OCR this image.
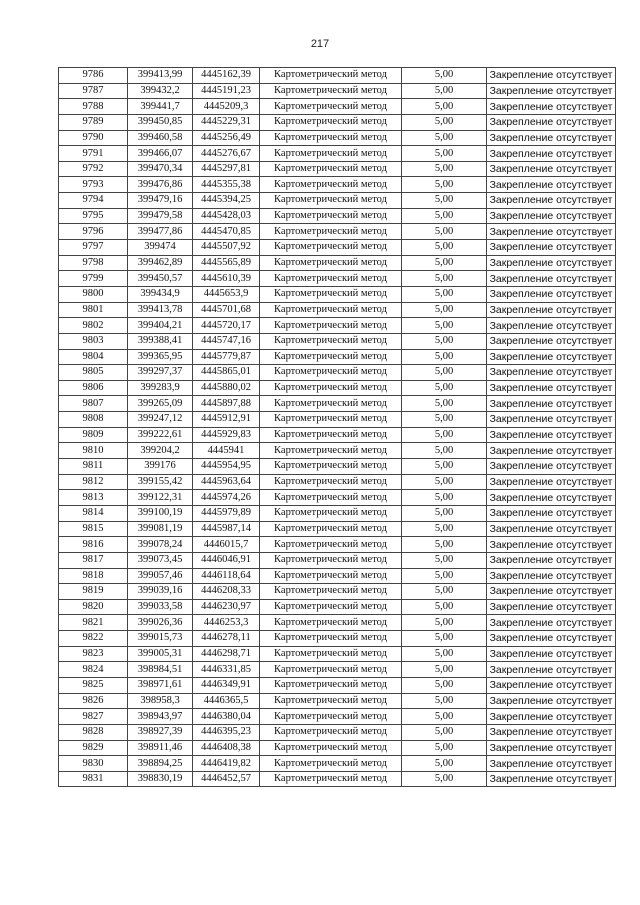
217
9786	399413,99	4445162,39	Картометрический метод	5,00	Закрепление отсутствует
9787	399432,2	4445191,23	Картометрический метод	5,00	Закрепление отсутствует
9788	399441,7	4445209,3	Картометрический метод	5,00	Закрепление отсутствует
9789	399450,85	4445229,31	Картометрический метод	5,00	Закрепление отсутствует
9790	399460,58	4445256,49	Картометрический метод	5,00	Закрепление отсутствует
9791	399466,07	4445276,67	Картометрический метод	5,00	Закрепление отсутствует
9792	399470,34	4445297,81	Картометрический метод	5,00	Закрепление отсутствует
9793	399476,86	4445355,38	Картометрический метод	5,00	Закрепление отсутствует
9794	399479,16	4445394,25	Картометрический метод	5,00	Закрепление отсутствует
9795	399479,58	4445428,03	Картометрический метод	5,00	Закрепление отсутствует
9796	399477,86	4445470,85	Картометрический метод	5,00	Закрепление отсутствует
9797	399474	4445507,92	Картометрический метод	5,00	Закрепление отсутствует
9798	399462,89	4445565,89	Картометрический метод	5,00	Закрепление отсутствует
9799	399450,57	4445610,39	Картометрический метод	5,00	Закрепление отсутствует
9800	399434,9	4445653,9	Картометрический метод	5,00	Закрепление отсутствует
9801	399413,78	4445701,68	Картометрический метод	5,00	Закрепление отсутствует
9802	399404,21	4445720,17	Картометрический метод	5,00	Закрепление отсутствует
9803	399388,41	4445747,16	Картометрический метод	5,00	Закрепление отсутствует
9804	399365,95	4445779,87	Картометрический метод	5,00	Закрепление отсутствует
9805	399297,37	4445865,01	Картометрический метод	5,00	Закрепление отсутствует
9806	399283,9	4445880,02	Картометрический метод	5,00	Закрепление отсутствует
9807	399265,09	4445897,88	Картометрический метод	5,00	Закрепление отсутствует
9808	399247,12	4445912,91	Картометрический метод	5,00	Закрепление отсутствует
9809	399222,61	4445929,83	Картометрический метод	5,00	Закрепление отсутствует
9810	399204,2	4445941	Картометрический метод	5,00	Закрепление отсутствует
9811	399176	4445954,95	Картометрический метод	5,00	Закрепление отсутствует
9812	399155,42	4445963,64	Картометрический метод	5,00	Закрепление отсутствует
9813	399122,31	4445974,26	Картометрический метод	5,00	Закрепление отсутствует
9814	399100,19	4445979,89	Картометрический метод	5,00	Закрепление отсутствует
9815	399081,19	4445987,14	Картометрический метод	5,00	Закрепление отсутствует
9816	399078,24	4446015,7	Картометрический метод	5,00	Закрепление отсутствует
9817	399073,45	4446046,91	Картометрический метод	5,00	Закрепление отсутствует
9818	399057,46	4446118,64	Картометрический метод	5,00	Закрепление отсутствует
9819	399039,16	4446208,33	Картометрический метод	5,00	Закрепление отсутствует
9820	399033,58	4446230,97	Картометрический метод	5,00	Закрепление отсутствует
9821	399026,36	4446253,3	Картометрический метод	5,00	Закрепление отсутствует
9822	399015,73	4446278,11	Картометрический метод	5,00	Закрепление отсутствует
9823	399005,31	4446298,71	Картометрический метод	5,00	Закрепление отсутствует
9824	398984,51	4446331,85	Картометрический метод	5,00	Закрепление отсутствует
9825	398971,61	4446349,91	Картометрический метод	5,00	Закрепление отсутствует
9826	398958,3	4446365,5	Картометрический метод	5,00	Закрепление отсутствует
9827	398943,97	4446380,04	Картометрический метод	5,00	Закрепление отсутствует
9828	398927,39	4446395,23	Картометрический метод	5,00	Закрепление отсутствует
9829	398911,46	4446408,38	Картометрический метод	5,00	Закрепление отсутствует
9830	398894,25	4446419,82	Картометрический метод	5,00	Закрепление отсутствует
9831	398830,19	4446452,57	Картометрический метод	5,00	Закрепление отсутствует
